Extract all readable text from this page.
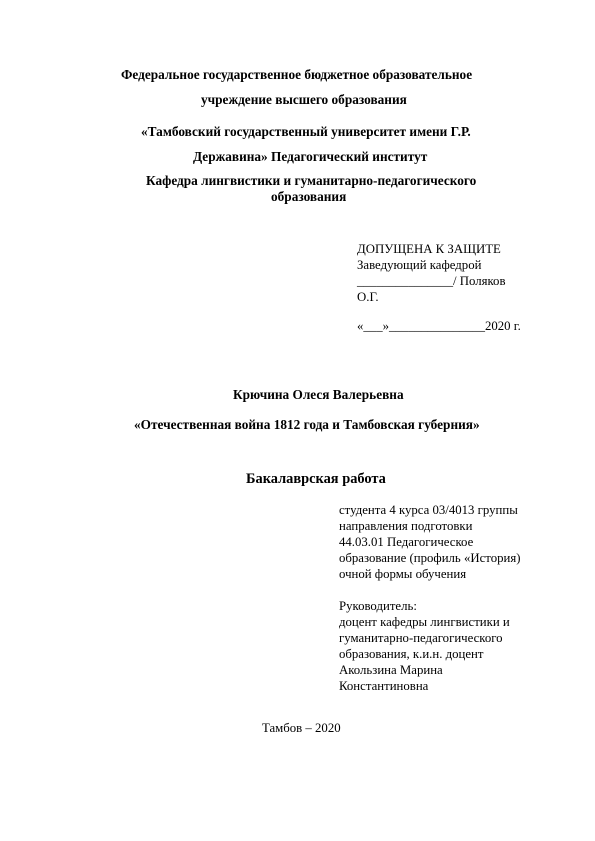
Федеральное государственное бюджетное образовательное
учреждение высшего образования
«Тамбовский государственный университет имени Г.Р.
Державина» Педагогический институт
Кафедра лингвистики и гуманитарно-педагогического
образования
ДОПУЩЕНА К ЗАЩИТЕ
Заведующий кафедрой
_______________/ Поляков
О.Г.
«___»_______________2020 г.
Крючина Олеся Валерьевна
«Отечественная война 1812 года и Тамбовская губерния»
Бакалаврская работа
студента 4 курса 03/4013 группы
направления подготовки
44.03.01 Педагогическое
образование (профиль «История)
очной формы обучения
Руководитель:
доцент кафедры лингвистики и
гуманитарно-педагогического
образования, к.и.н. доцент
Акользина Марина
Константиновна
Тамбов – 2020
